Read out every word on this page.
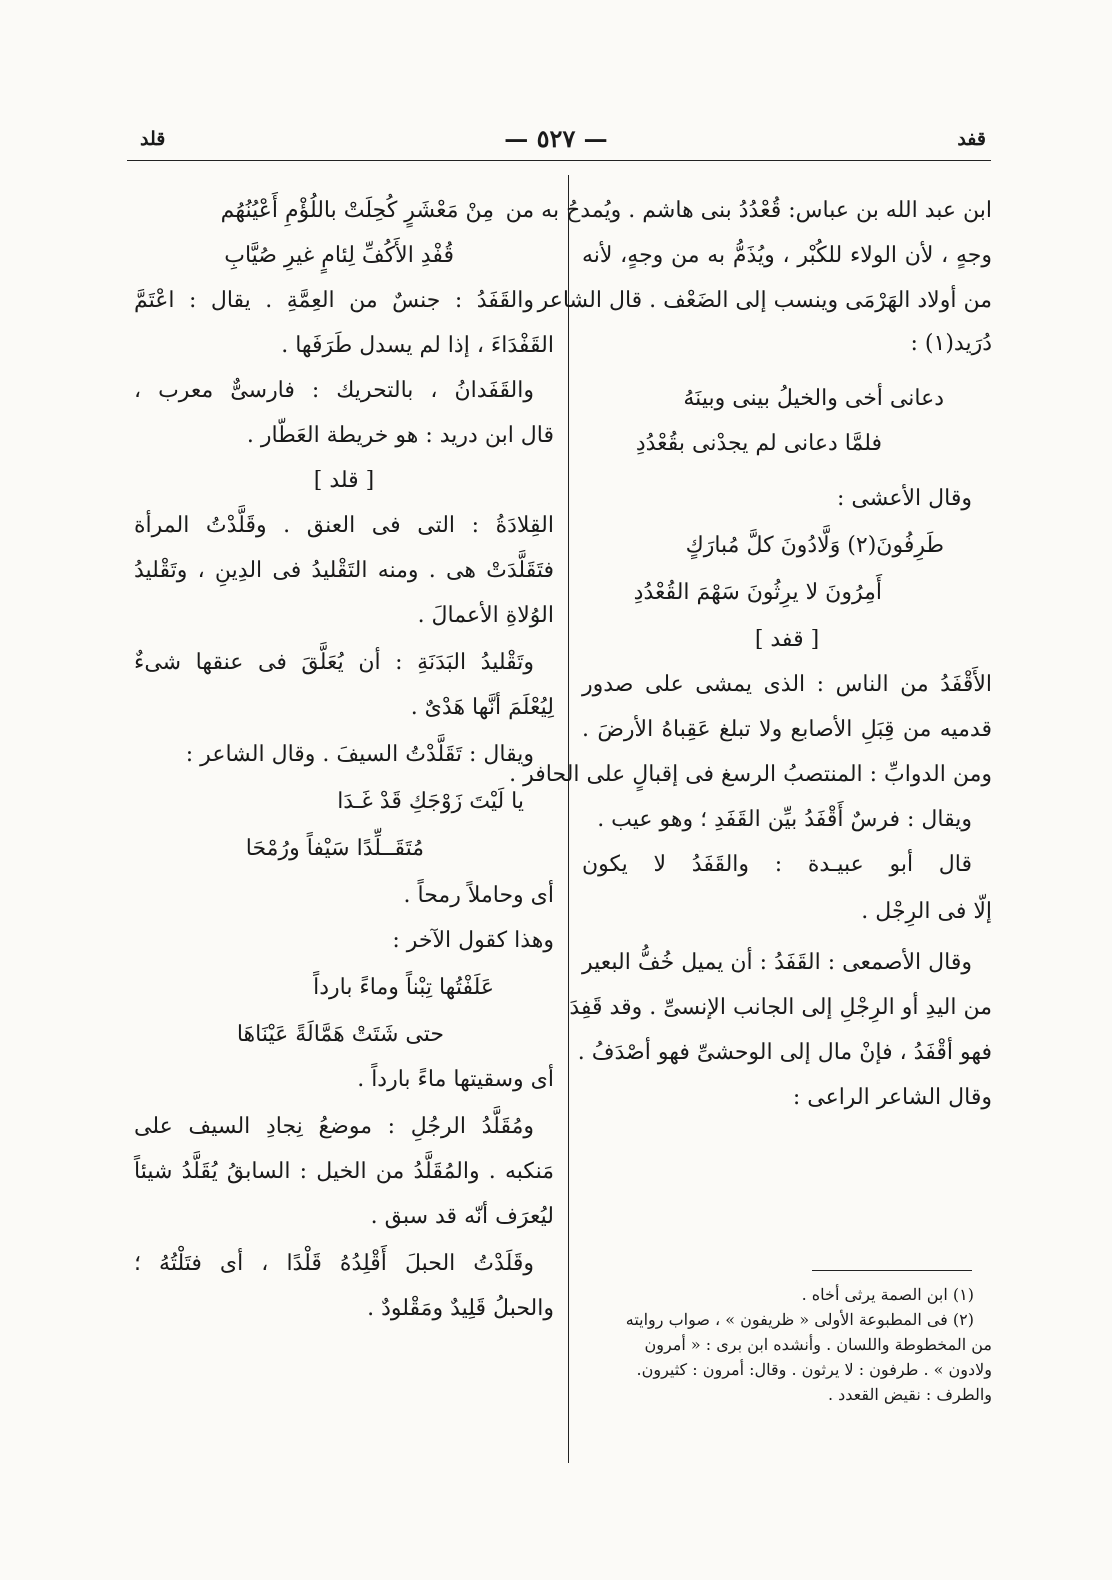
قلد	— ٥٢٧ —	قفد

ابن عبد الله بن عباس: قُعْدُدُ بنى هاشم . ويُمدحُ به من

وجهٍ ، لأن الولاء للكُبْر ، ويُذَمُّ به من وجهٍ، لأنه

من أولاد الهَرْمَى وينسب إلى الضَعْف . قال الشاعر

دُرَيد(١) :

دعانى أخى والخيلُ بينى وبينَهُ

فلمَّا دعانى لم يجدْنى بقُعْدُدِ

وقال الأعشى :

طَرِفُونَ(٢) وَلَّادُونَ كلَّ مُبارَكٍ

أَمِرُونَ لا يرِثُونَ سَهْمَ القُعْدُدِ

[ قفد ]

الأَقْفَدُ من الناس : الذى يمشى على صدور

قدميه من قِبَلِ الأصابع ولا تبلغ عَقِباهُ الأرضَ .

ومن الدوابِّ : المنتصبُ الرسغ فى إقبالٍ على الحافر .

ويقال : فرسٌ أَقْفَدُ بيِّن القَفَدِ ؛ وهو عيب .

قال أبو عبيـدة : والقَفَدُ لا يكون

إلّا فى الرِجْل .

وقال الأصمعى : القَفَدُ : أن يميل خُفُّ البعير

من اليدِ أو الرِجْلِ إلى الجانب الإنسىِّ . وقد قَفِدَ

فهو أقْفَدُ ، فإنْ مال إلى الوحشىِّ فهو أصْدَفُ .

وقال الشاعر الراعى :

(١) ابن الصمة يرثى أخاه .

(٢) فى المطبوعة الأولى « ظريفون » ، صواب روايته

من المخطوطة واللسان . وأنشده ابن برى : « أمرون

ولادون » . طرفون : لا يرثون . وقال: أمرون : كثيرون.

والطرف : نقيض القعدد .

مِنْ مَعْشَرٍ كُحِلَتْ باللُؤْمِ أَعْيُنُهُم

قُفْدِ الأَكُفِّ لِئامٍ غيرِ صُيَّابِ

والقَفَدُ : جنسٌ من العِمَّةِ . يقال : اعْتَمَّ

القَفْدَاءَ ، إذا لم يسدل طَرَفَها .

والقَفَدانُ ، بالتحريك : فارسىٌّ معرب ،

قال ابن دريد : هو خريطة العَطّار .

[ قلد ]

القِلادَةُ : التى فى العنق . وقَلَّدْتُ المرأة

فتَقَلَّدَتْ هى . ومنه التَقْليدُ فى الدِينِ ، وتَقْليدُ

الوُلاةِ الأعمالَ .

وتَقْليدُ البَدَنَةِ : أن يُعَلَّقَ فى عنقها شىءٌ

لِيُعْلَمَ أنَّها هَدْىٌ .

ويقال : تَقَلَّدْتُ السيفَ . وقال الشاعر :

يا لَيْتَ زَوْجَكِ قَدْ غَـدَا

مُتَقَــلِّدًا سَيْفاً ورُمْحَا

أى وحاملاً رمحاً .

وهذا كقول الآخر :

عَلَفْتُها تِبْناً وماءً بارداً

حتى شَتَتْ هَمَّالَةً عَيْنَاهَا

أى وسقيتها ماءً بارداً .

ومُقَلَّدُ الرجُلِ : موضعُ نِجادِ السيف على

مَنكبه . والمُقَلَّدُ من الخيل : السابقُ يُقَلَّدُ شيئاً

ليُعرَف أنّه قد سبق .

وقَلَدْتُ الحبلَ أَقْلِدُهُ قَلْدًا ، أى فتَلْتُهُ ؛

والحبلُ قَلِيدٌ ومَقْلودٌ .
